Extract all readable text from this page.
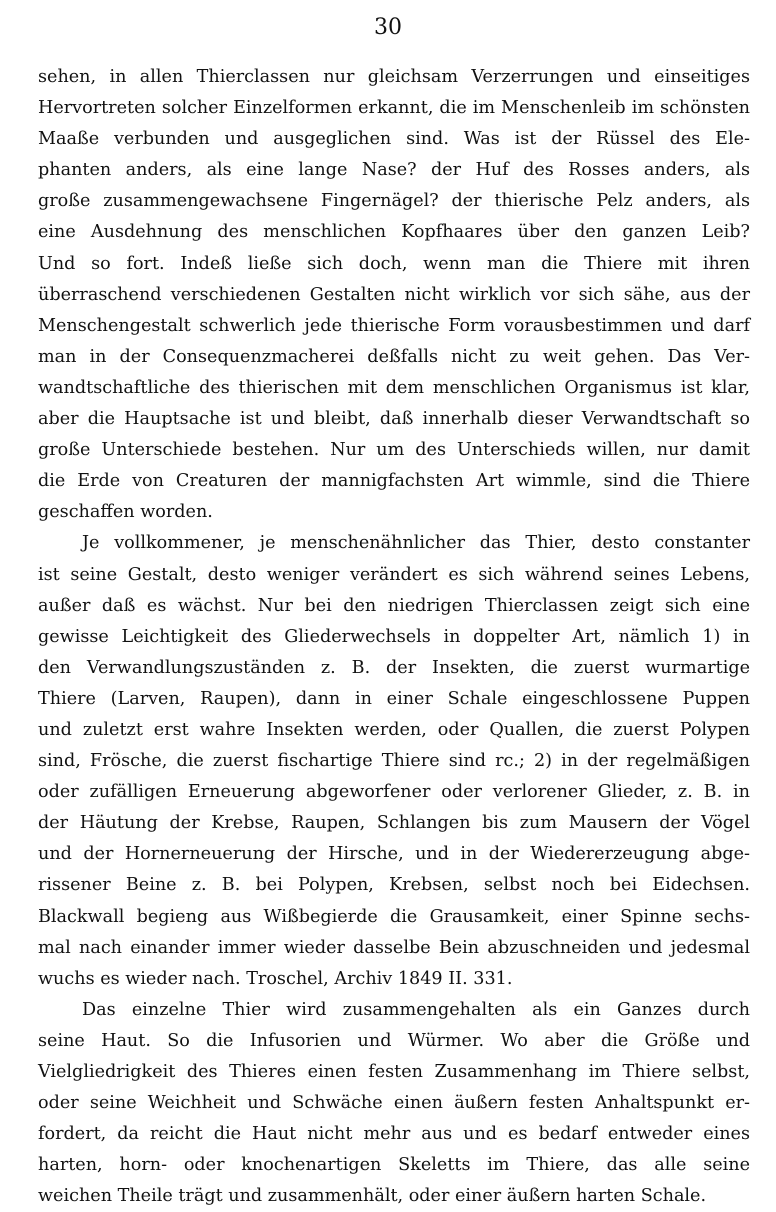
30
sehen, in allen Thierclassen nur gleichsam Verzerrungen und einseitiges
Hervortreten solcher Einzelformen erkannt, die im Menschenleib im schönsten
Maaße verbunden und ausgeglichen sind. Was ist der Rüssel des Ele-
phanten anders, als eine lange Nase? der Huf des Rosses anders, als
große zusammengewachsene Fingernägel? der thierische Pelz anders, als
eine Ausdehnung des menschlichen Kopfhaares über den ganzen Leib?
Und so fort. Indeß ließe sich doch, wenn man die Thiere mit ihren
überraschend verschiedenen Gestalten nicht wirklich vor sich sähe, aus der
Menschengestalt schwerlich jede thierische Form vorausbestimmen und darf
man in der Consequenzmacherei deßfalls nicht zu weit gehen. Das Ver-
wandtschaftliche des thierischen mit dem menschlichen Organismus ist klar,
aber die Hauptsache ist und bleibt, daß innerhalb dieser Verwandtschaft so
große Unterschiede bestehen. Nur um des Unterschieds willen, nur damit
die Erde von Creaturen der mannigfachsten Art wimmle, sind die Thiere
geschaffen worden.
Je vollkommener, je menschenähnlicher das Thier, desto constanter
ist seine Gestalt, desto weniger verändert es sich während seines Lebens,
außer daß es wächst. Nur bei den niedrigen Thierclassen zeigt sich eine
gewisse Leichtigkeit des Gliederwechsels in doppelter Art, nämlich 1) in
den Verwandlungszuständen z. B. der Insekten, die zuerst wurmartige
Thiere (Larven, Raupen), dann in einer Schale eingeschlossene Puppen
und zuletzt erst wahre Insekten werden, oder Quallen, die zuerst Polypen
sind, Frösche, die zuerst fischartige Thiere sind rc.; 2) in der regelmäßigen
oder zufälligen Erneuerung abgeworfener oder verlorener Glieder, z. B. in
der Häutung der Krebse, Raupen, Schlangen bis zum Mausern der Vögel
und der Hornerneuerung der Hirsche, und in der Wiedererzeugung abge-
rissener Beine z. B. bei Polypen, Krebsen, selbst noch bei Eidechsen.
Blackwall begieng aus Wißbegierde die Grausamkeit, einer Spinne sechs-
mal nach einander immer wieder dasselbe Bein abzuschneiden und jedesmal
wuchs es wieder nach. Troschel, Archiv 1849 II. 331.
Das einzelne Thier wird zusammengehalten als ein Ganzes durch
seine Haut. So die Infusorien und Würmer. Wo aber die Größe und
Vielgliedrigkeit des Thieres einen festen Zusammenhang im Thiere selbst,
oder seine Weichheit und Schwäche einen äußern festen Anhaltspunkt er-
fordert, da reicht die Haut nicht mehr aus und es bedarf entweder eines
harten, horn- oder knochenartigen Skeletts im Thiere, das alle seine
weichen Theile trägt und zusammenhält, oder einer äußern harten Schale.
